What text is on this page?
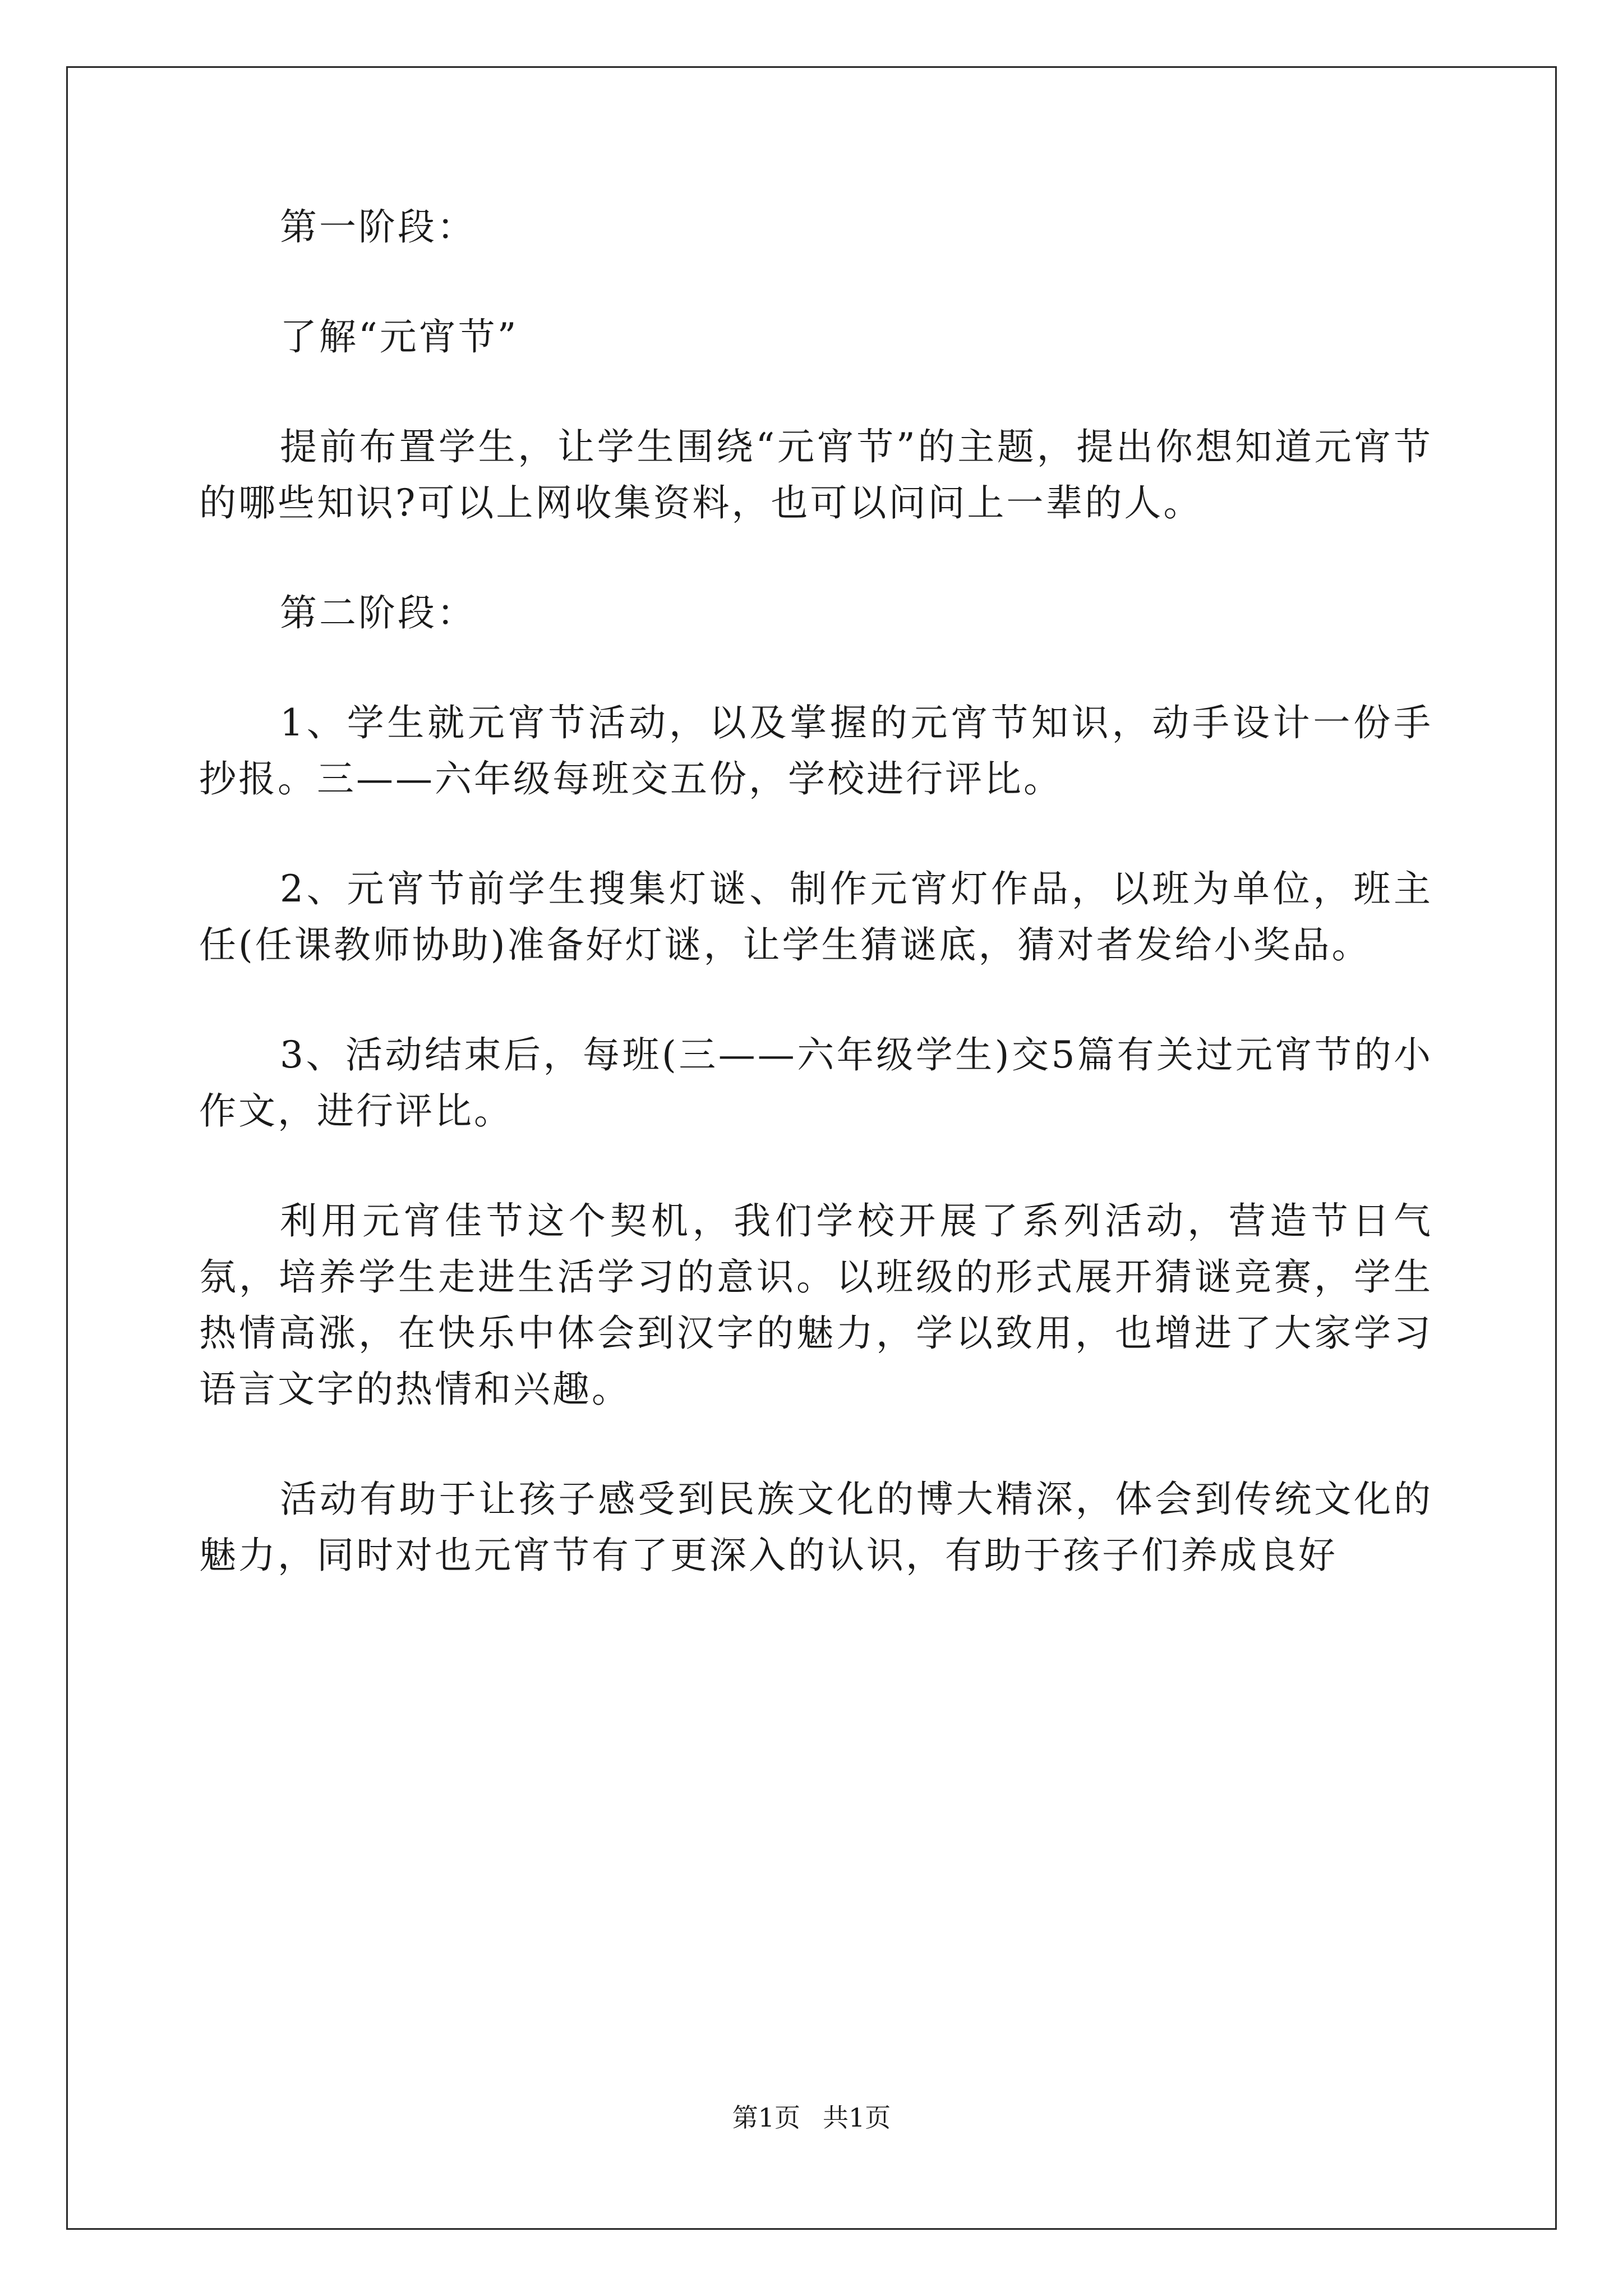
第一阶段：

了解“元宵节”

提前布置学生，让学生围绕“元宵节”的主题，提出你想知道元宵节的哪些知识?可以上网收集资料，也可以问问上一辈的人。

第二阶段：

1、学生就元宵节活动，以及掌握的元宵节知识，动手设计一份手抄报。三——六年级每班交五份，学校进行评比。

2、元宵节前学生搜集灯谜、制作元宵灯作品，以班为单位，班主任(任课教师协助)准备好灯谜，让学生猜谜底，猜对者发给小奖品。

3、活动结束后，每班(三——六年级学生)交5篇有关过元宵节的小作文，进行评比。

利用元宵佳节这个契机，我们学校开展了系列活动，营造节日气氛，培养学生走进生活学习的意识。以班级的形式展开猜谜竞赛，学生热情高涨，在快乐中体会到汉字的魅力，学以致用，也增进了大家学习语言文字的热情和兴趣。

活动有助于让孩子感受到民族文化的博大精深，体会到传统文化的魅力，同时对也元宵节有了更深入的认识，有助于孩子们养成良好

第1页 共1页
